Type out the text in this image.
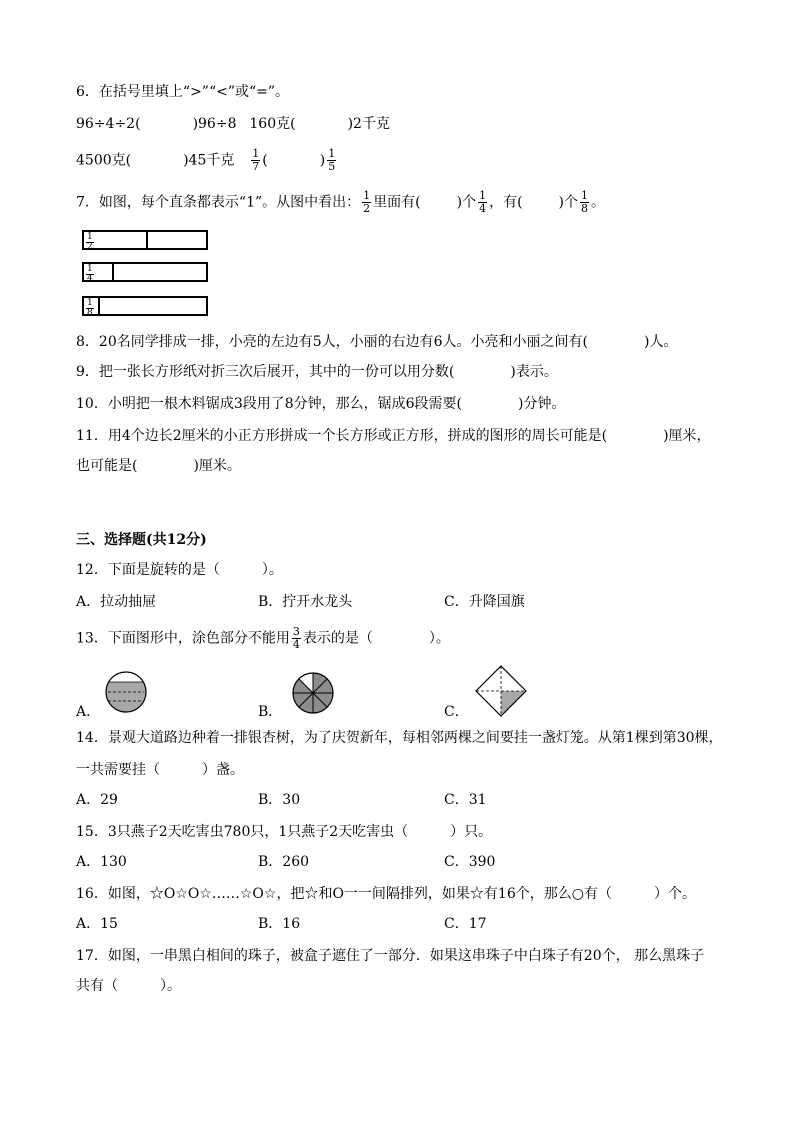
6．在括号里填上“>”“<”或“=”。
96÷4÷2(	)96÷8 160克(	)2千克
4500克(	)45千克 $\frac{1}{7}$ (	) $\frac{1}{5}$
7．如图，每个直条都表示“1”。从图中看出： $\frac{1}{2}$ 里面有(	)个 $\frac{1}{4}$ ，有(	)个 $\frac{1}{8}$ 。
$\frac{1}{2}$
$\frac{1}{4}$
$\frac{1}{8}$
8．20名同学排成一排，小亮的左边有5人，小丽的右边有6人。小亮和小丽之间有(　　　　)人。
9．把一张长方形纸对折三次后展开，其中的一份可以用分数(　　　　)表示。
10．小明把一根木料锯成3段用了8分钟，那么，锯成6段需要(　　　　)分钟。
11．用4个边长2厘米的小正方形拼成一个长方形或正方形，拼成的图形的周长可能是(　　　　)厘米，
也可能是(　　　　)厘米。
三、选择题(共12分)
12．下面是旋转的是（　　　）。
A．拉动抽屉	B．拧开水龙头	C．升降国旗
13．下面图形中，涂色部分不能用 $\frac{3}{4}$ 表示的是（　　　　）。
A．	B．	C．
14．景观大道路边种着一排银杏树，为了庆贺新年，每相邻两棵之间要挂一盏灯笼。从第1棵到第30棵，
一共需要挂（　　　）盏。
A．29	B．30	C．31
15．3只燕子2天吃害虫780只，1只燕子2天吃害虫（　　　）只。
A．130	B．260	C．390
16．如图，☆O☆O☆……☆O☆，把☆和O一一间隔排列，如果☆有16个，那么○有（　　　）个。
A．15	B．16	C．17
17．如图，一串黑白相间的珠子，被盒子遮住了一部分．如果这串珠子中白珠子有20个， 那么黑珠子
共有（　　　）。
